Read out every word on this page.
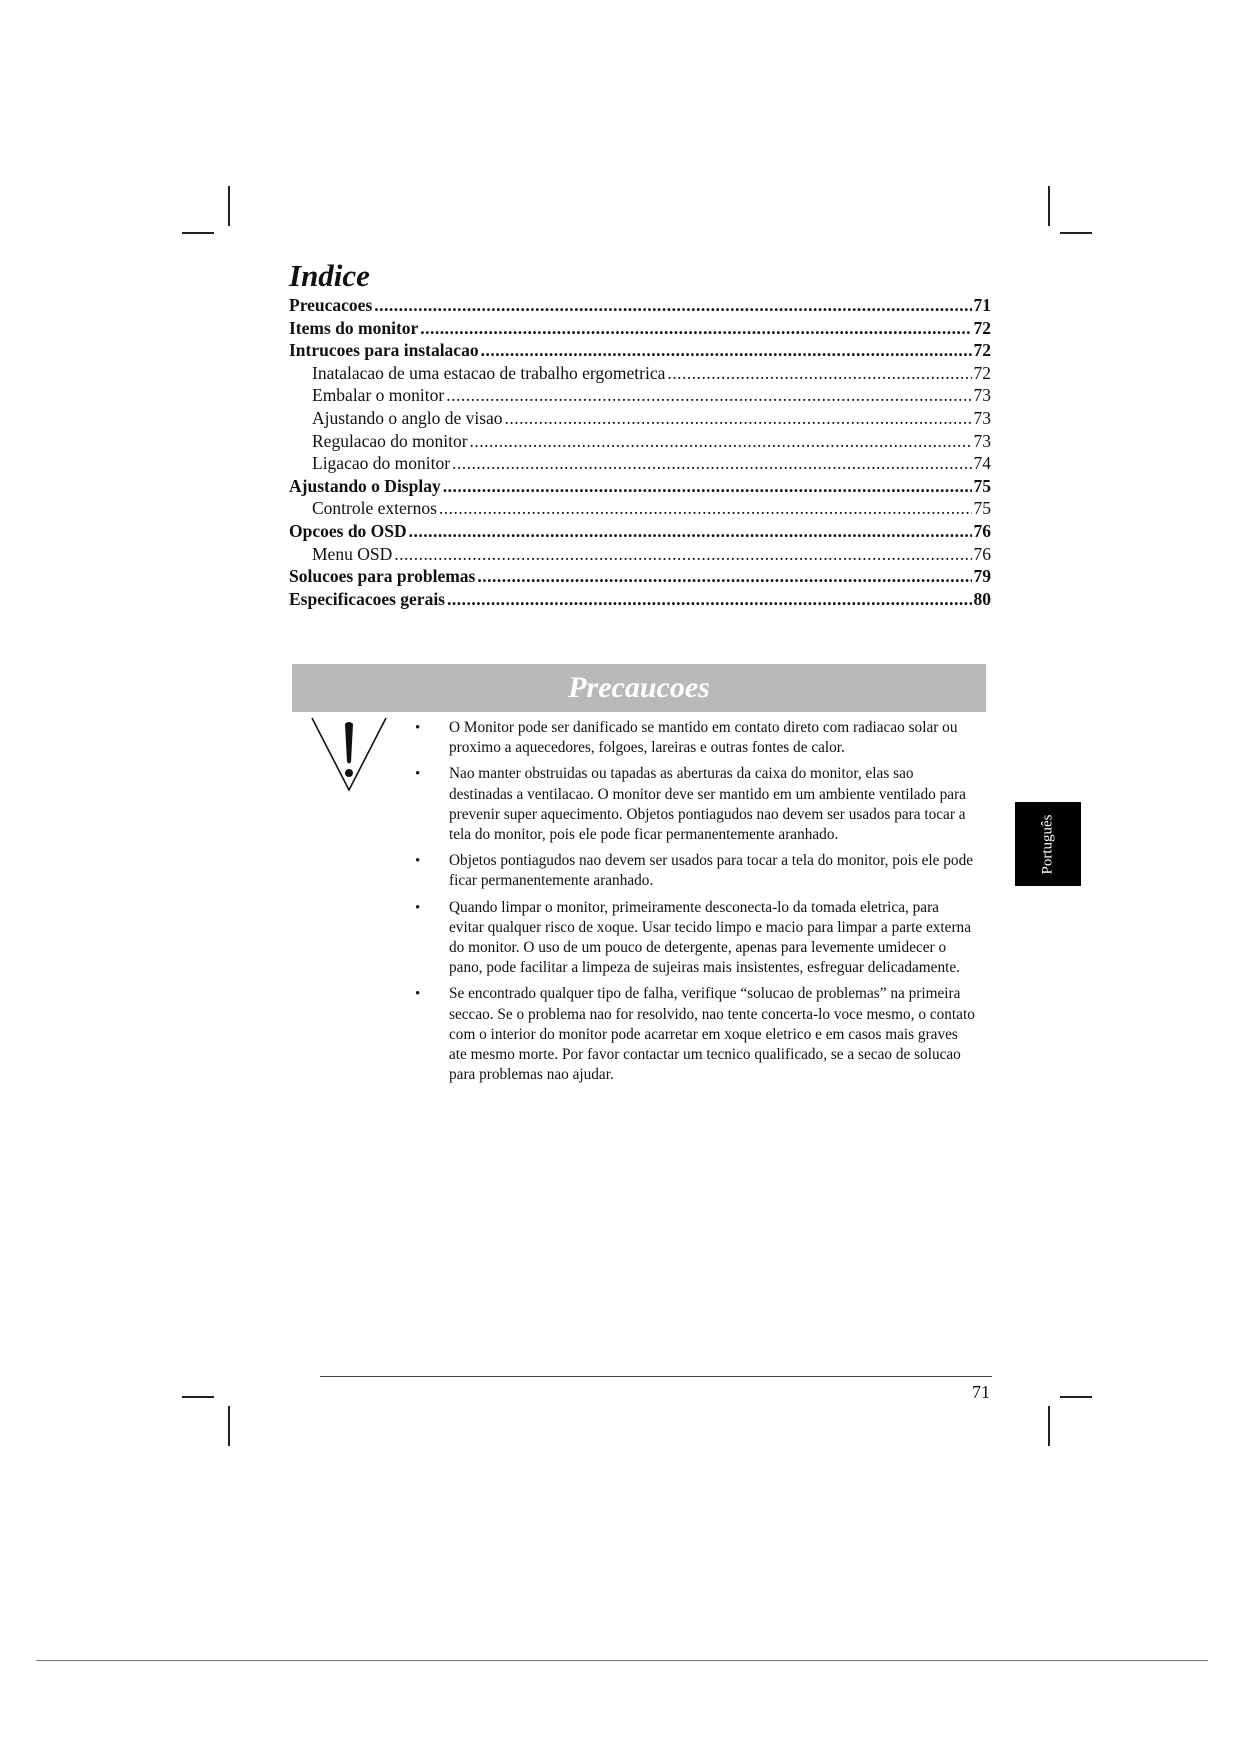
Indice
Preucacoes .....	71
Items do monitor .....	72
Intrucoes para instalacao .....	72
Inatalacao de uma estacao de trabalho ergometrica .....	72
Embalar o monitor .....	73
Ajustando o anglo de visao .....	73
Regulacao do monitor .....	73
Ligacao do monitor .....	74
Ajustando o Display .....	75
Controle externos .....	75
Opcoes do OSD .....	76
Menu OSD .....	76
Solucoes para problemas .....	79
Especificacoes gerais .....	80
Precaucoes
• O Monitor pode ser danificado se mantido em contato direto com radiacao solar ou proximo a aquecedores, folgoes, lareiras e outras fontes de calor.
• Nao manter obstruidas ou tapadas as aberturas da caixa do monitor, elas sao destinadas a ventilacao. O monitor deve ser mantido em um ambiente ventilado para prevenir super aquecimento. Objetos pontiagudos nao devem ser usados para tocar a tela do monitor, pois ele pode ficar permanentemente aranhado.
• Objetos pontiagudos nao devem ser usados para tocar a tela do monitor, pois ele pode ficar permanentemente aranhado.
• Quando limpar o monitor, primeiramente desconecta-lo da tomada eletrica, para evitar qualquer risco de xoque. Usar tecido limpo e macio para limpar a parte externa do monitor. O uso de um pouco de detergente, apenas para levemente umidecer o pano, pode facilitar a limpeza de sujeiras mais insistentes, esfreguar delicadamente.
• Se encontrado qualquer tipo de falha, verifique “solucao de problemas” na primeira seccao. Se o problema nao for resolvido, nao tente concerta-lo voce mesmo, o contato com o interior do monitor pode acarretar em xoque eletrico e em casos mais graves ate mesmo morte. Por favor contactar um tecnico qualificado, se a secao de solucao para problemas nao ajudar.
Português
71
